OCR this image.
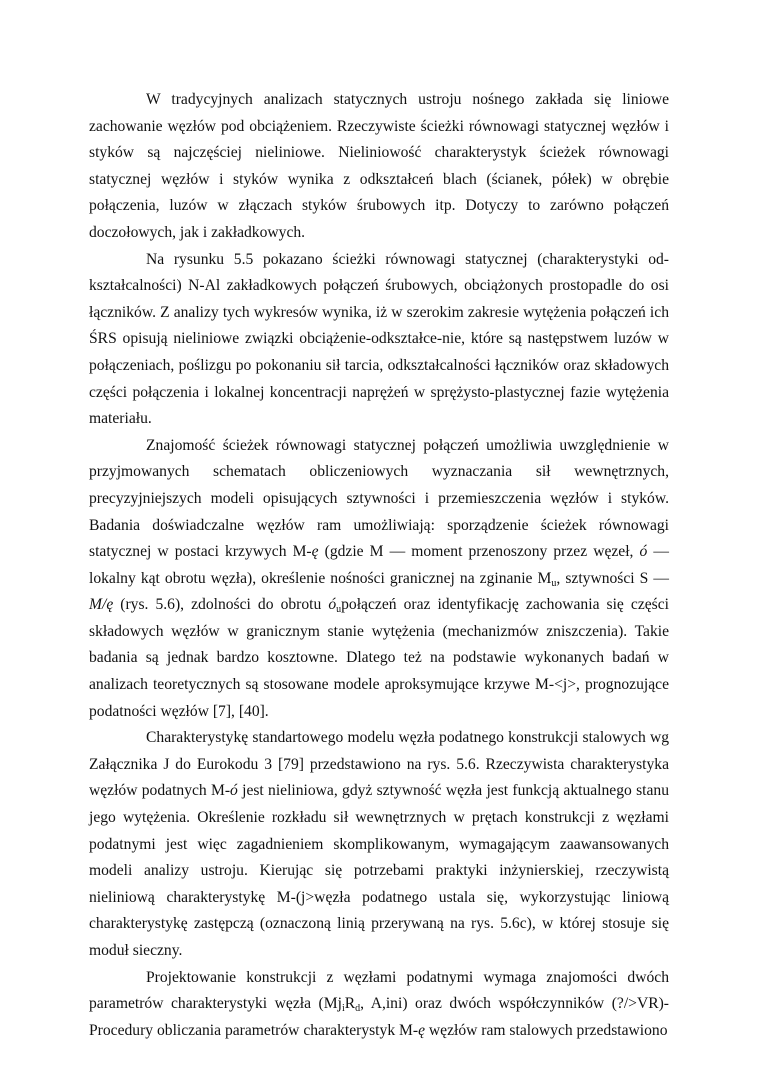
W tradycyjnych analizach statycznych ustroju nośnego zakłada się liniowe zachowanie węzłów pod obciążeniem. Rzeczywiste ścieżki równowagi statycznej węzłów i styków są najczęściej nieliniowe. Nieliniowość charakterystyk ścieżek równowagi statycznej węzłów i styków wynika z odkształceń blach (ścianek, półek) w obrębie połączenia, luzów w złączach styków śrubowych itp. Dotyczy to zarówno połączeń doczołowych, jak i zakładkowych.

Na rysunku 5.5 pokazano ścieżki równowagi statycznej (charakterystyki od-kształcalności) N-Al zakładkowych połączeń śrubowych, obciążonych prostopadle do osi łączników. Z analizy tych wykresów wynika, iż w szerokim zakresie wytężenia połączeń ich ŚRS opisują nieliniowe związki obciążenie-odkształce-nie, które są następstwem luzów w połączeniach, poślizgu po pokonaniu sił tarcia, odkształcalności łączników oraz składowych części połączenia i lokalnej koncentracji naprężeń w sprężysto-plastycznej fazie wytężenia materiału.

Znajomość ścieżek równowagi statycznej połączeń umożliwia uwzględnienie w przyjmowanych schematach obliczeniowych wyznaczania sił wewnętrznych, precyzyjniejszych modeli opisujących sztywności i przemieszczenia węzłów i styków. Badania doświadczalne węzłów ram umożliwiają: sporządzenie ścieżek równowagi statycznej w postaci krzywych M-ę (gdzie M — moment przenoszony przez węzeł, ó — lokalny kąt obrotu węzła), określenie nośności granicznej na zginanie $M_u$, sztywności S — M/ę (rys. 5.6), zdolności do obrotu $ó_upołączeń$ oraz identyfikację zachowania się części składowych węzłów w granicznym stanie wytężenia (mechanizmów zniszczenia). Takie badania są jednak bardzo kosztowne. Dlatego też na podstawie wykonanych badań w analizach teoretycznych są stosowane modele aproksymujące krzywe M-<j>, prognozujące podatności węzłów [7], [40].

Charakterystykę standartowego modelu węzła podatnego konstrukcji stalowych wg Załącznika J do Eurokodu 3 [79] przedstawiono na rys. 5.6. Rzeczywista charakterystyka węzłów podatnych M-ó jest nieliniowa, gdyż sztywność węzła jest funkcją aktualnego stanu jego wytężenia. Określenie rozkładu sił wewnętrznych w prętach konstrukcji z węzłami podatnymi jest więc zagadnieniem skomplikowanym, wymagającym zaawansowanych modeli analizy ustroju. Kierując się potrzebami praktyki inżynierskiej, rzeczywistą nieliniową charakterystykę M-(j>węzła podatnego ustala się, wykorzystując liniową charakterystykę zastępczą (oznaczoną linią przerywaną na rys. 5.6c), w której stosuje się moduł sieczny.

Projektowanie konstrukcji z węzłami podatnymi wymaga znajomości dwóch parametrów charakterystyki węzła ($Mj_iR_d$, A,ini) oraz dwóch współczynników (?/>VR)- Procedury obliczania parametrów charakterystyk M-ę węzłów ram stalowych przedstawiono
